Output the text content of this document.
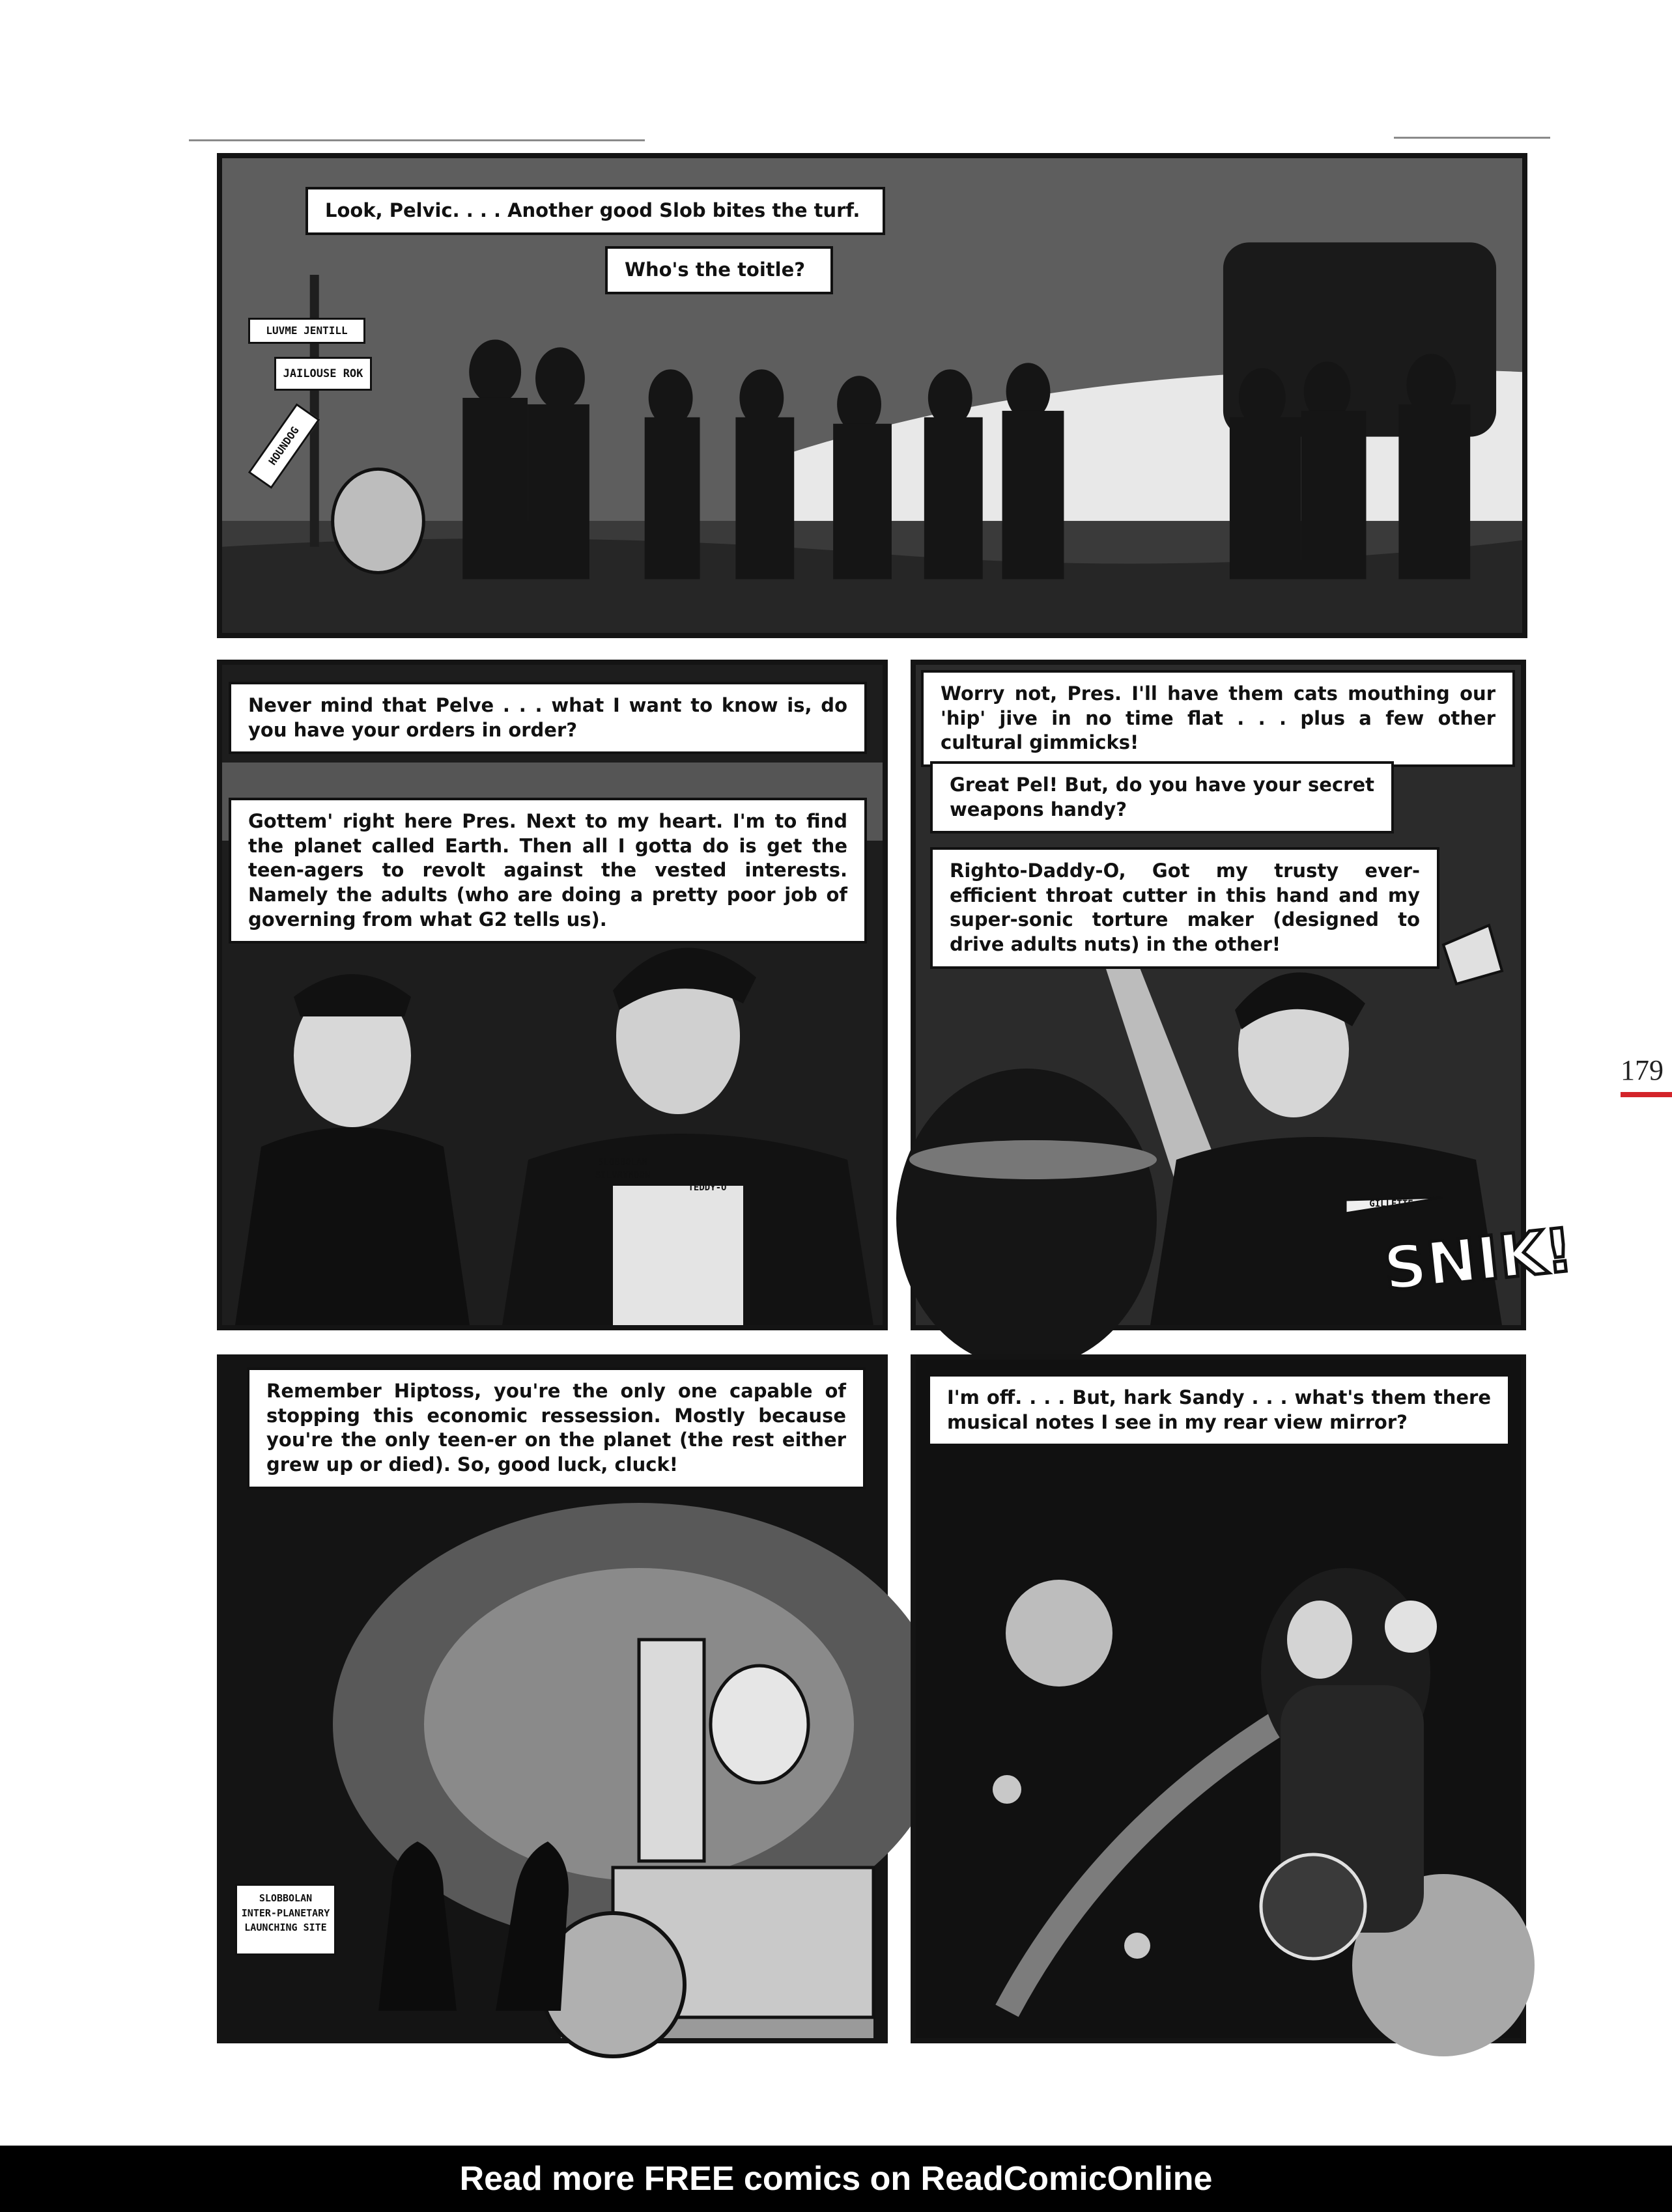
Look, Pelvic. . . . Another good Slob bites the turf.
Who's the toitle?
LUVME JENTILL
JAILOUSE ROK
HOUNDOG
Never mind that Pelve . . . what I want to know is, do you have your orders in order?
Gottem' right here Pres. Next to my heart. I'm to find the planet called Earth. Then all I gotta do is get the teen-agers to revolt against the vested interests. Namely the adults (who are doing a pretty poor job of governing from what G2 tells us).
SLOBBOLAN SILVRYMOON
TEDDY-O
Worry not, Pres. I'll have them cats mouthing our 'hip' jive in no time flat . . . plus a few other cultural gimmicks!
Great Pel! But, do you have your secret weapons handy?
Righto-Daddy-O, Got my trusty ever-efficient throat cutter in this hand and my super-sonic torture maker (designed to drive adults nuts) in the other!
GILLETTE
SNIK!
Remember Hiptoss, you're the only one capable of stopping this economic ressession. Mostly because you're the only teen-er on the planet (the rest either grew up or died). So, good luck, cluck!
SLOBBOLAN
INTER-PLANETARY
LAUNCHING SITE
I'm off. . . . But, hark Sandy . . . what's them there musical notes I see in my rear view mirror?
179
Read more FREE comics on ReadComicOnline
